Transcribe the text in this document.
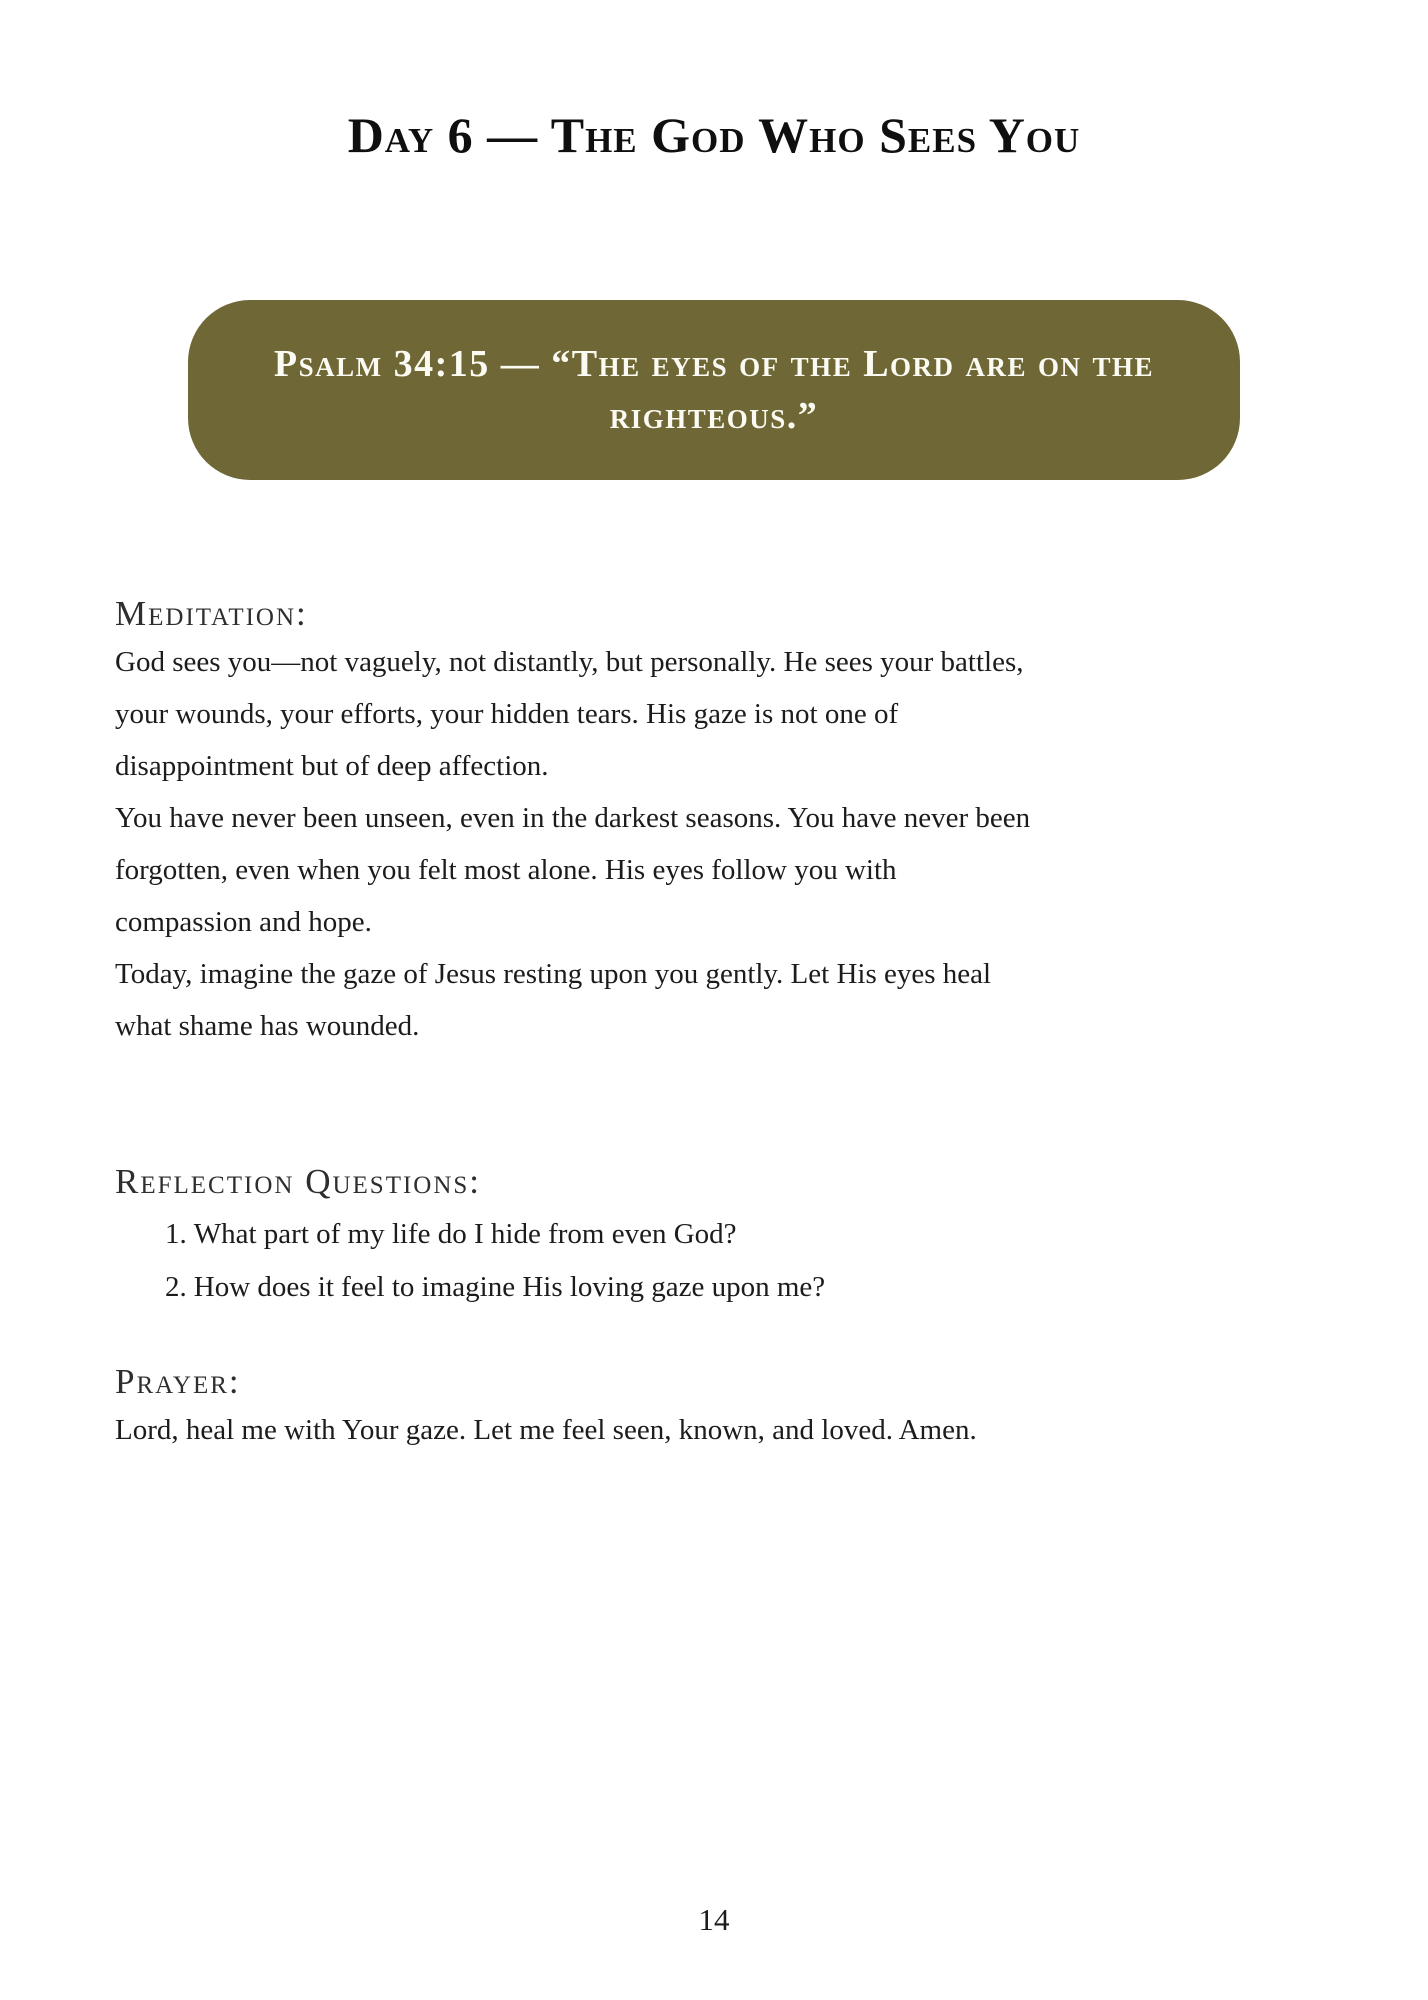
Day 6 — The God Who Sees You
Psalm 34:15 — “The eyes of the Lord are on the righteous.”
Meditation:

God sees you—not vaguely, not distantly, but personally. He sees your battles, your wounds, your efforts, your hidden tears. His gaze is not one of disappointment but of deep affection.

You have never been unseen, even in the darkest seasons. You have never been forgotten, even when you felt most alone. His eyes follow you with compassion and hope.

Today, imagine the gaze of Jesus resting upon you gently. Let His eyes heal what shame has wounded.

Reflection Questions:
What part of my life do I hide from even God?
How does it feel to imagine His loving gaze upon me?
Prayer:

Lord, heal me with Your gaze. Let me feel seen, known, and loved. Amen.

14
